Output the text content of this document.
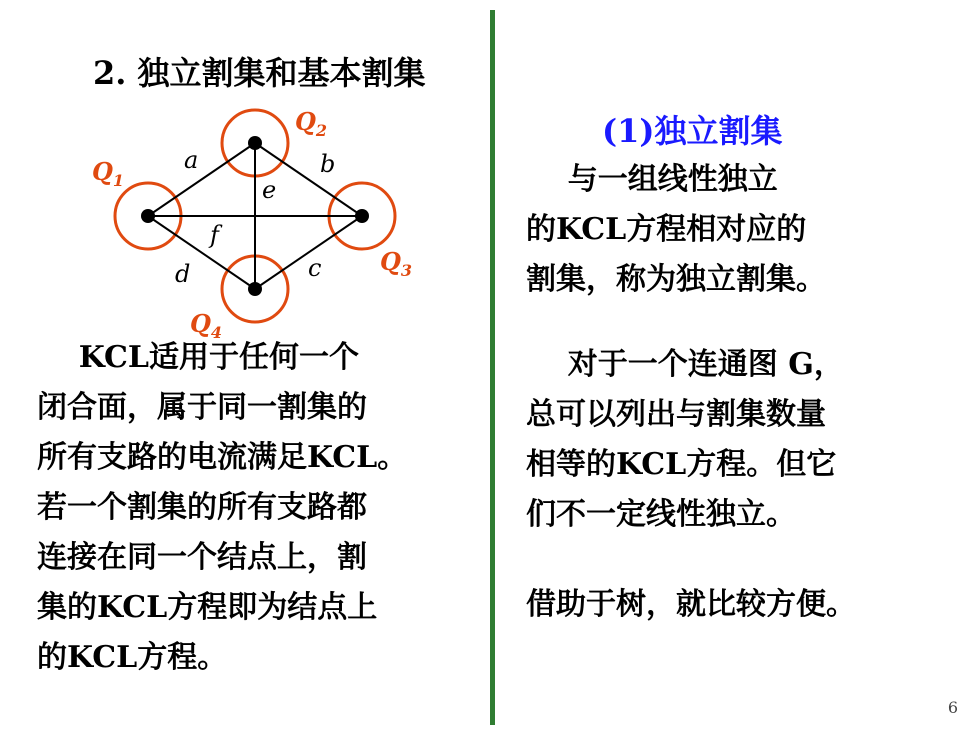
2. 独立割集和基本割集
a	b
c
d
e
f
$Q_1$
$Q_2$
$Q_3$
$Q_4$
KCL适用于任何一个
闭合面，属于同一割集的
所有支路的电流满足KCL。
若一个割集的所有支路都
连接在同一个结点上，割
集的KCL方程即为结点上
的KCL方程。
(1)独立割集
与一组线性独立
的KCL方程相对应的
割集，称为独立割集。
对于一个连通图 G，
总可以列出与割集数量
相等的KCL方程。但它
们不一定线性独立。
借助于树，就比较方便。
6
